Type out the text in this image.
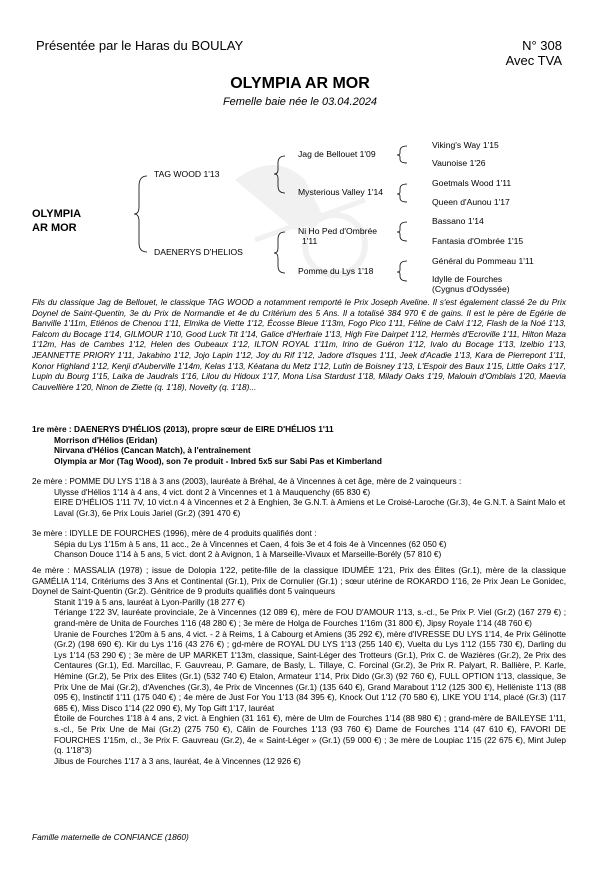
Présentée par le Haras du BOULAY	N° 308
Avec TVA
OLYMPIA AR MOR
Femelle baie née le 03.04.2024
OLYMPIA
AR MOR
TAG WOOD 1'13
DAENERYS D'HELIOS
Jag de Bellouet 1'09
Mysterious Valley 1'14
Ni Ho Ped d'Ombrée
1'11
Pomme du Lys 1'18
Viking's Way 1'15
Vaunoise 1'26
Goetmals Wood 1'11
Queen d'Aunou 1'17
Bassano 1'14
Fantasia d'Ombrée 1'15
Général du Pommeau 1'11
Idylle de Fourches
(Cygnus d'Odyssée)
Fils du classique Jag de Bellouet, le classique TAG WOOD a notamment remporté le Prix Joseph Aveline. Il s'est également classé 2e du Prix Doynel de Saint-Quentin, 3e du Prix de Normandie et 4e du Critérium des 5 Ans. Il a totalisé 384 970 € de gains. Il est le père de Egérie de Banville 1'11m, Etiénos de Chenou 1'11, Elmika de Viette 1'12, Écosse Bleue 1'13m, Fogo Pico 1'11, Féline de Calvi 1'12, Flash de la Noé 1'13, Falcom du Bocage 1'14, GILMOUR 1'10, Good Luck Tit 1'14, Galice d'Herfraie 1'13, High Fire Dairpet 1'12, Hermès d'Ecroville 1'11, Hilton Maza 1'12m, Has de Cambes 1'12, Helen des Oubeaux 1'12, ILTON ROYAL 1'11m, Irino de Guéron 1'12, Ivalo du Bocage 1'13, Izelbio 1'13, JEANNETTE PRIORY 1'11, Jakabino 1'12, Jojo Lapin 1'12, Joy du Rif 1'12, Jadore d'Isques 1'11, Jeek d'Acadie 1'13, Kara de Pierrepont 1'11, Konor Highland 1'12, Kenji d'Auberville 1'14m, Kelas 1'13, Kéatana du Metz 1'12, Lutin de Boisney 1'13, L'Espoir des Baux 1'15, Little Oaks 1'17, Lupin du Bourg 1'15, Laika de Jaudrals 1'16, Lilou du Hidoux 1'17, Mona Lisa Stardust 1'18, Milady Oaks 1'19, Malouin d'Omblais 1'20, Maevia Cauvellière 1'20, Ninon de Ziette (q. 1'18), Novelty (q. 1'18)...
1re mère : DAENERYS D'HÉLIOS (2013), propre sœur de EIRE D'HÉLIOS 1'11
Morrison d'Hélios (Eridan)
Nirvana d'Hélios (Cancan Match), à l'entraînement
Olympia ar Mor (Tag Wood), son 7e produit - Inbred 5x5 sur Sabi Pas et Kimberland
2e mère : POMME DU LYS 1'18 à 3 ans (2003), lauréate à Bréhal, 4e à Vincennes à cet âge, mère de 2 vainqueurs :
Ulysse d'Hélios 1'14 à 4 ans, 4 vict. dont 2 à Vincennes et 1 à Mauquenchy (65 830 €)
EIRE D'HÉLIOS 1'11 7V, 10 vict.n 4 à Vincennes et 2 à Enghien, 3e G.N.T. à Amiens et Le Croisé-Laroche (Gr.3), 4e G.N.T. à Saint Malo et Laval (Gr.3), 6e Prix Louis Jariel (Gr.2) (391 470 €)
3e mère : IDYLLE DE FOURCHES (1996), mère de 4 produits qualifiés dont :
Sépia du Lys 1'15m à 5 ans, 11 acc., 2e à Vincennes et Caen, 4 fois 3e et 4 fois 4e à Vincennes (62 050 €)
Chanson Douce 1'14 à 5 ans, 5 vict. dont 2 à Avignon, 1 à Marseille-Vivaux et Marseille-Borély (57 810 €)
4e mère : MASSALIA (1978) ; issue de Dolopia 1'22, petite-fille de la classique IDUMÉE 1'21, Prix des Élites (Gr.1), mère de la classique GAMÉLIA 1'14, Critériums des 3 Ans et Continental (Gr.1), Prix de Cornulier (Gr.1) ; sœur utérine de ROKARDO 1'16, 2e Prix Jean Le Gonidec, Doynel de Saint-Quentin (Gr.2). Génitrice de 9 produits qualifiés dont 5 vainqueurs
Stanit 1'19 à 5 ans, lauréat à Lyon-Parilly (18 277 €)
Tériange 1'22 3V, lauréate provinciale, 2e à Vincennes (12 089 €), mère de FOU D'AMOUR 1'13, s.-cl., 5e Prix P. Viel (Gr.2) (167 279 €) ; grand-mère de Unita de Fourches 1'16 (48 280 €) ; 3e mère de Holga de Fourches 1'16m (31 800 €), Jipsy Royale 1'14 (48 760 €)
Uranie de Fourches 1'20m à 5 ans, 4 vict. - 2 à Reims, 1 à Cabourg et Amiens (35 292 €), mère d'IVRESSE DU LYS 1'14, 4e Prix Gélinotte (Gr.2) (198 690 €). Kir du Lys 1'16 (43 276 €) ; gd-mère de ROYAL DU LYS 1'13 (255 140 €), Vuelta du Lys 1'12 (155 730 €), Darling du Lys 1'14 (53 290 €) ; 3e mère de UP MARKET 1'13m, classique, Saint-Léger des Trotteurs (Gr.1), Prix C. de Wazières (Gr.2), 2e Prix des Centaures (Gr.1), Ed. Marcillac, F. Gauvreau, P. Gamare, de Basly, L. Tillaye, C. Forcinal (Gr.2), 3e Prix R. Palyart, R. Ballière, P. Karle, Hémine (Gr.2), 5e Prix des Elites (Gr.1) (532 740 €) Etalon, Armateur 1'14, Prix Dido (Gr.3) (92 760 €), FULL OPTION 1'13, classique, 3e Prix Une de Mai (Gr.2), d'Avenches (Gr.3), 4e Prix de Vincennes (Gr.1) (135 640 €), Grand Marabout 1'12 (125 300 €), Hellëniste 1'13 (88 095 €), Instinctif 1'11 (175 040 €) ; 4e mère de Just For You 1'13 (84 395 €), Knock Out 1'12 (70 580 €), LIKE YOU 1'14, placé (Gr.3) (117 685 €), Miss Disco 1'14 (22 090 €), My Top Gift 1'17, lauréat
Étoile de Fourches 1'18 à 4 ans, 2 vict. à Enghien (31 161 €), mère de Ulm de Fourches 1'14 (88 980 €) ; grand-mère de BAILEYSE 1'11, s.-cl., 5e Prix Une de Mai (Gr.2) (275 750 €), Câlin de Fourches 1'13 (93 760 €) Dame de Fourches 1'14 (47 610 €), FAVORI DE FOURCHES 1'15m, cl., 3e Prix F. Gauvreau (Gr.2), 4e « Saint-Léger » (Gr.1) (59 000 €) ; 3e mère de Loupiac 1'15 (22 675 €), Mint Julep (q. 1'18"3)
Jibus de Fourches 1'17 à 3 ans, lauréat, 4e à Vincennes (12 926 €)
Famille maternelle de CONFIANCE (1860)
